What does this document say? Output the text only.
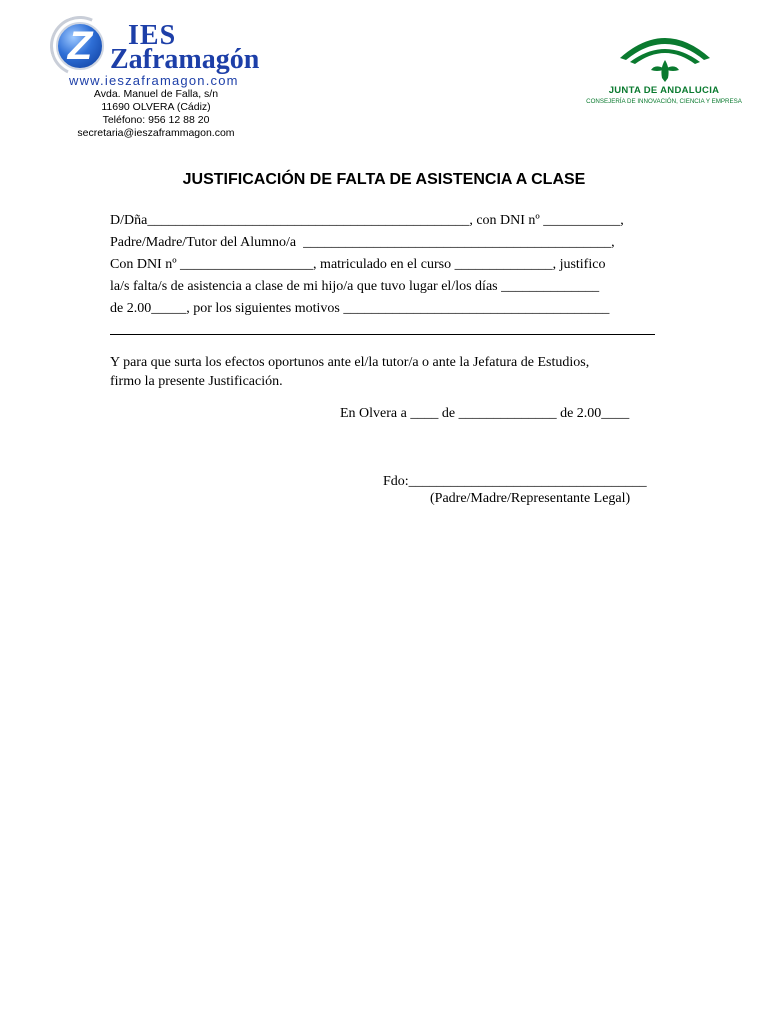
Z	IES
Zaframagón
www.ieszaframagon.com
Avda. Manuel de Falla, s/n
11690 OLVERA (Cádiz)
Teléfono: 956 12 88 20
secretaria@ieszaframmagon.com
JUNTA DE ANDALUCIA
CONSEJERÍA DE INNOVACIÓN, CIENCIA Y EMPRESA
JUSTIFICACIÓN DE FALTA DE ASISTENCIA A CLASE
D/Dña______________________________________________, con DNI nº ___________,
Padre/Madre/Tutor del Alumno/a  ____________________________________________,
Con DNI nº ___________________, matriculado en el curso ______________, justifico
la/s falta/s de asistencia a clase de mi hijo/a que tuvo lugar el/los días ______________
de 2.00_____, por los siguientes motivos ______________________________________
Y para que surta los efectos oportunos ante el/la tutor/a o ante la Jefatura de Estudios,
firmo la presente Justificación.
En Olvera a ____ de ______________ de 2.00____
Fdo:__________________________________
(Padre/Madre/Representante Legal)
